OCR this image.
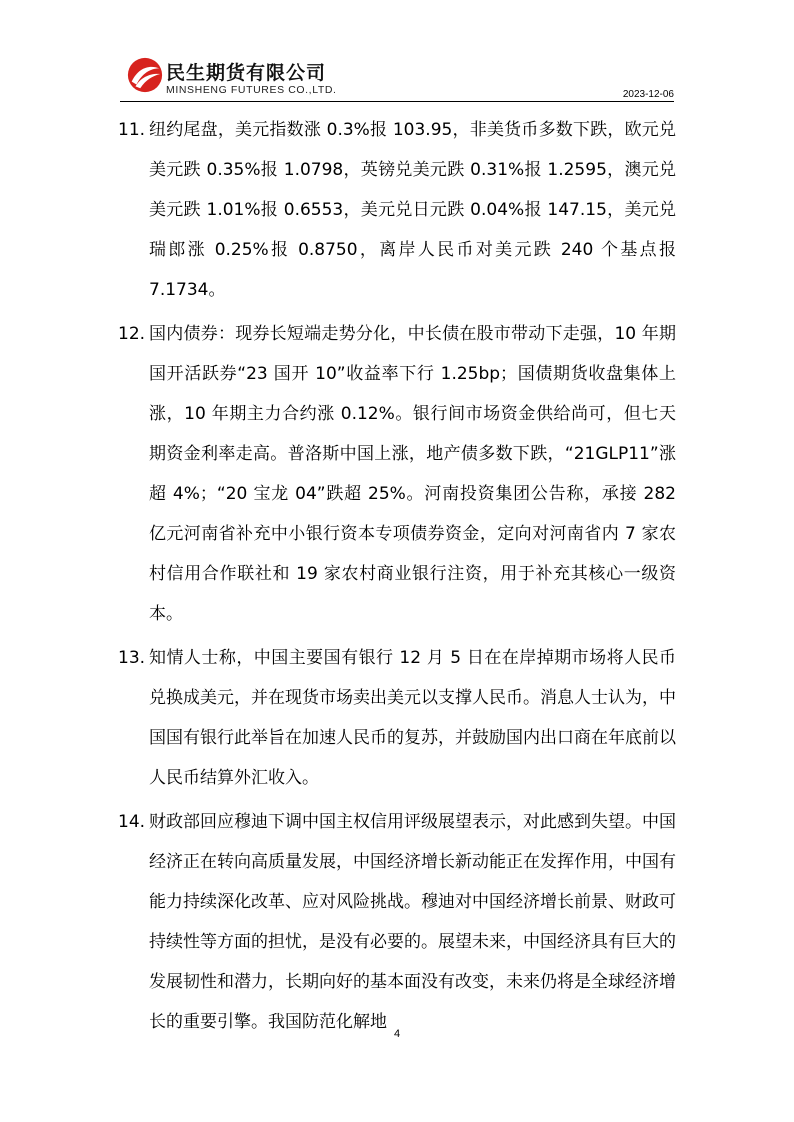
民生期货有限公司
MINSHENG FUTURES CO.,LTD.	2023-12-06
11. 纽约尾盘，美元指数涨 0.3%报 103.95，非美货币多数下跌，欧元兑美元跌 0.35%报 1.0798，英镑兑美元跌 0.31%报 1.2595，澳元兑美元跌 1.01%报 0.6553，美元兑日元跌 0.04%报 147.15，美元兑瑞郎涨 0.25%报 0.8750，离岸人民币对美元跌 240 个基点报 7.1734。
12. 国内债券：现券长短端走势分化，中长债在股市带动下走强，10 年期国开活跃券“23 国开 10”收益率下行 1.25bp；国债期货收盘集体上涨，10 年期主力合约涨 0.12%。银行间市场资金供给尚可，但七天期资金利率走高。普洛斯中国上涨，地产债多数下跌，“21GLP11”涨超 4%；“20 宝龙 04”跌超 25%。河南投资集团公告称，承接 282 亿元河南省补充中小银行资本专项债券资金，定向对河南省内 7 家农村信用合作联社和 19 家农村商业银行注资，用于补充其核心一级资本。
13. 知情人士称，中国主要国有银行 12 月 5 日在在岸掉期市场将人民币兑换成美元，并在现货市场卖出美元以支撑人民币。消息人士认为，中国国有银行此举旨在加速人民币的复苏，并鼓励国内出口商在年底前以人民币结算外汇收入。
14. 财政部回应穆迪下调中国主权信用评级展望表示，对此感到失望。中国经济正在转向高质量发展，中国经济增长新动能正在发挥作用，中国有能力持续深化改革、应对风险挑战。穆迪对中国经济增长前景、财政可持续性等方面的担忧，是没有必要的。展望未来，中国经济具有巨大的发展韧性和潜力，长期向好的基本面没有改变，未来仍将是全球经济增长的重要引擎。我国防范化解地
4
